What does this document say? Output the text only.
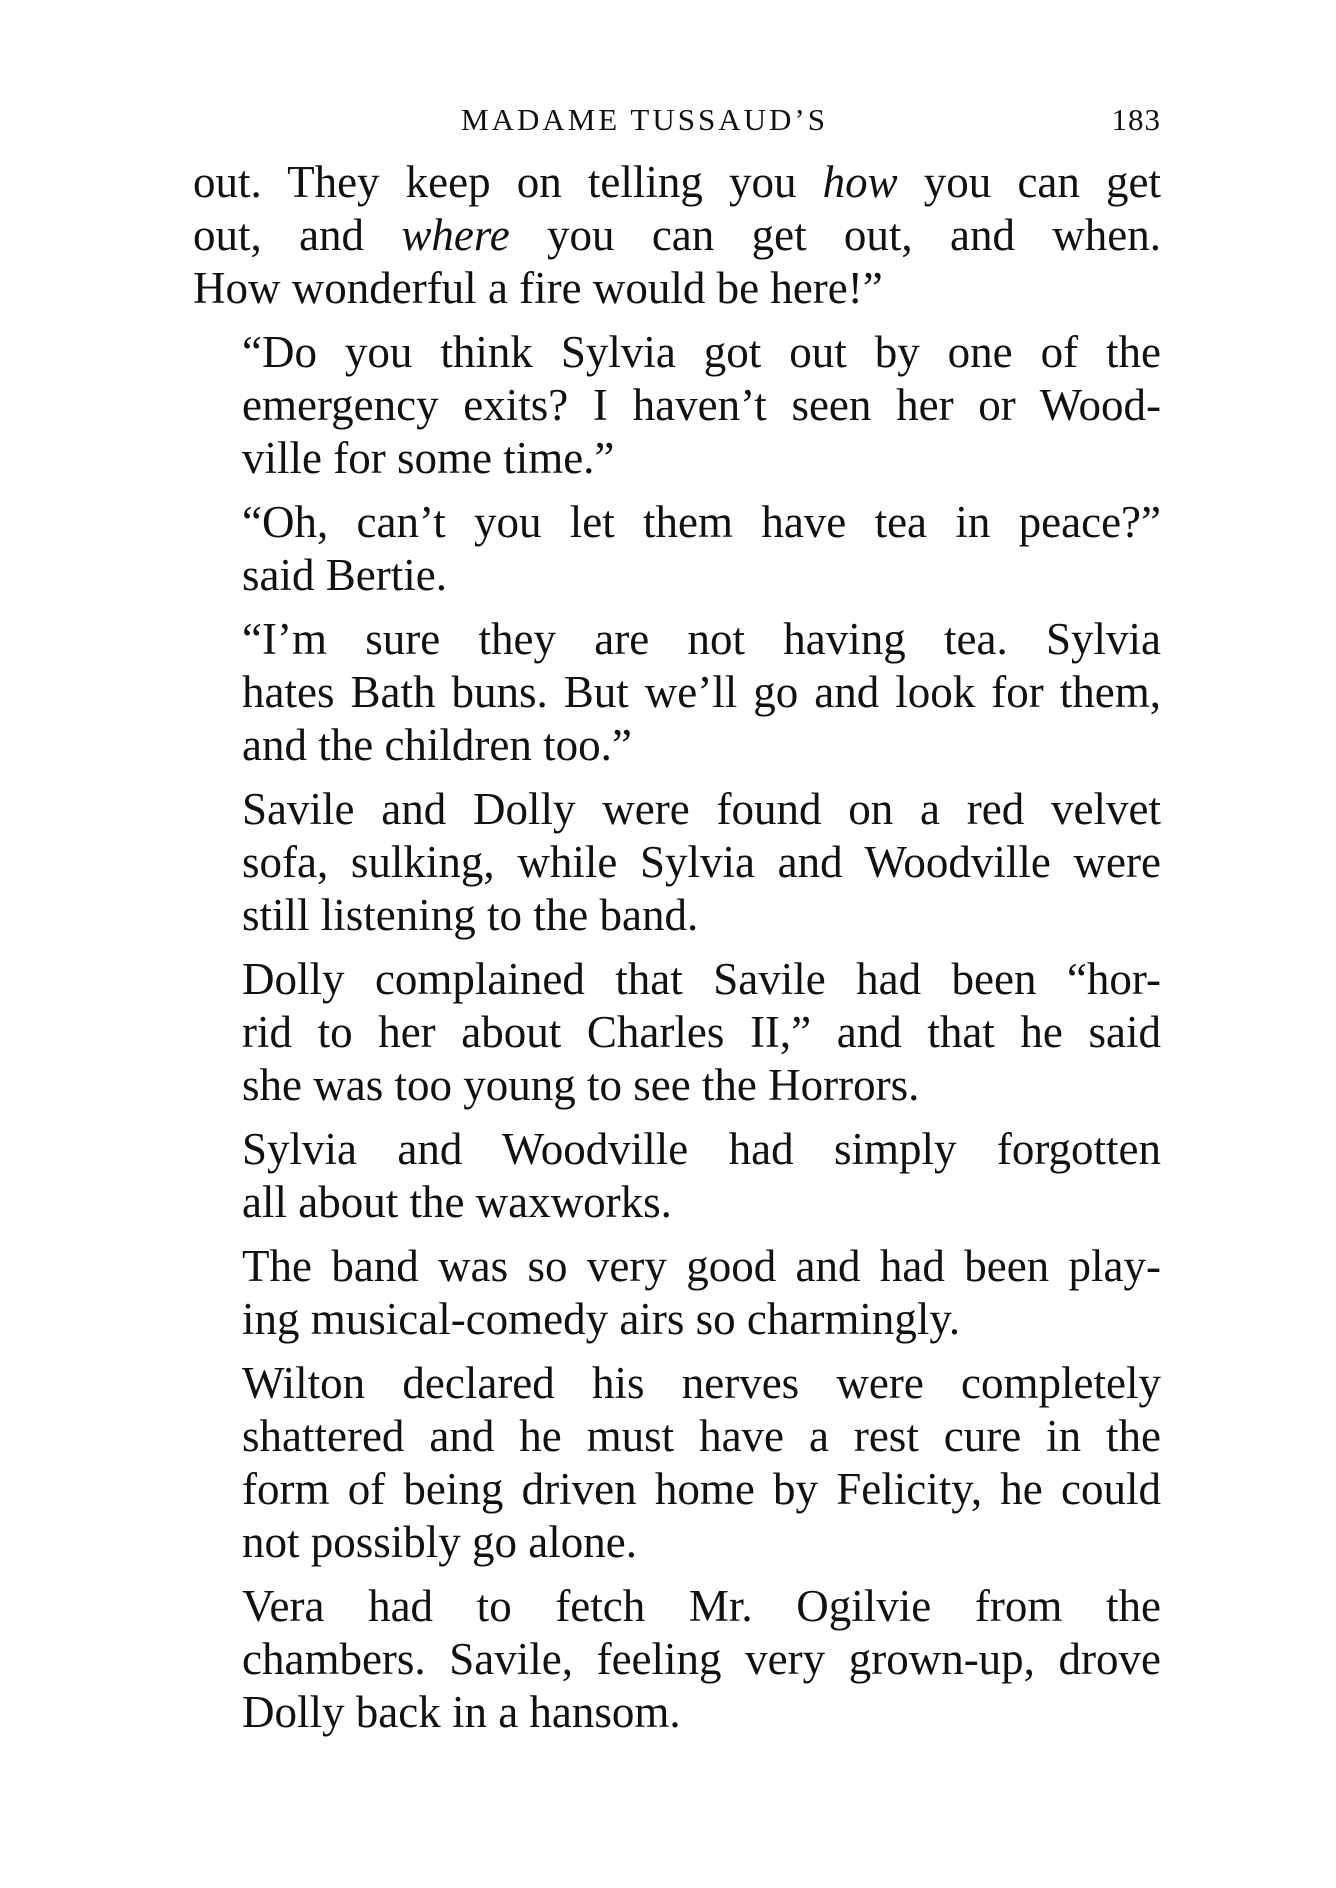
MADAME TUSSAUD’S	183

out. They keep on telling you how you can get
out, and where you can get out, and when.
How wonderful a fire would be here!”

“Do you think Sylvia got out by one of the
emergency exits? I haven’t seen her or Wood-
ville for some time.”

“Oh, can’t you let them have tea in peace?”
said Bertie.

“I’m sure they are not having tea. Sylvia
hates Bath buns. But we’ll go and look for them,
and the children too.”

Savile and Dolly were found on a red velvet
sofa, sulking, while Sylvia and Woodville were
still listening to the band.

Dolly complained that Savile had been “hor-
rid to her about Charles II,” and that he said
she was too young to see the Horrors.

Sylvia and Woodville had simply forgotten
all about the waxworks.

The band was so very good and had been play-
ing musical-comedy airs so charmingly.

Wilton declared his nerves were completely
shattered and he must have a rest cure in the
form of being driven home by Felicity, he could
not possibly go alone.

Vera had to fetch Mr. Ogilvie from the
chambers. Savile, feeling very grown-up, drove
Dolly back in a hansom.
